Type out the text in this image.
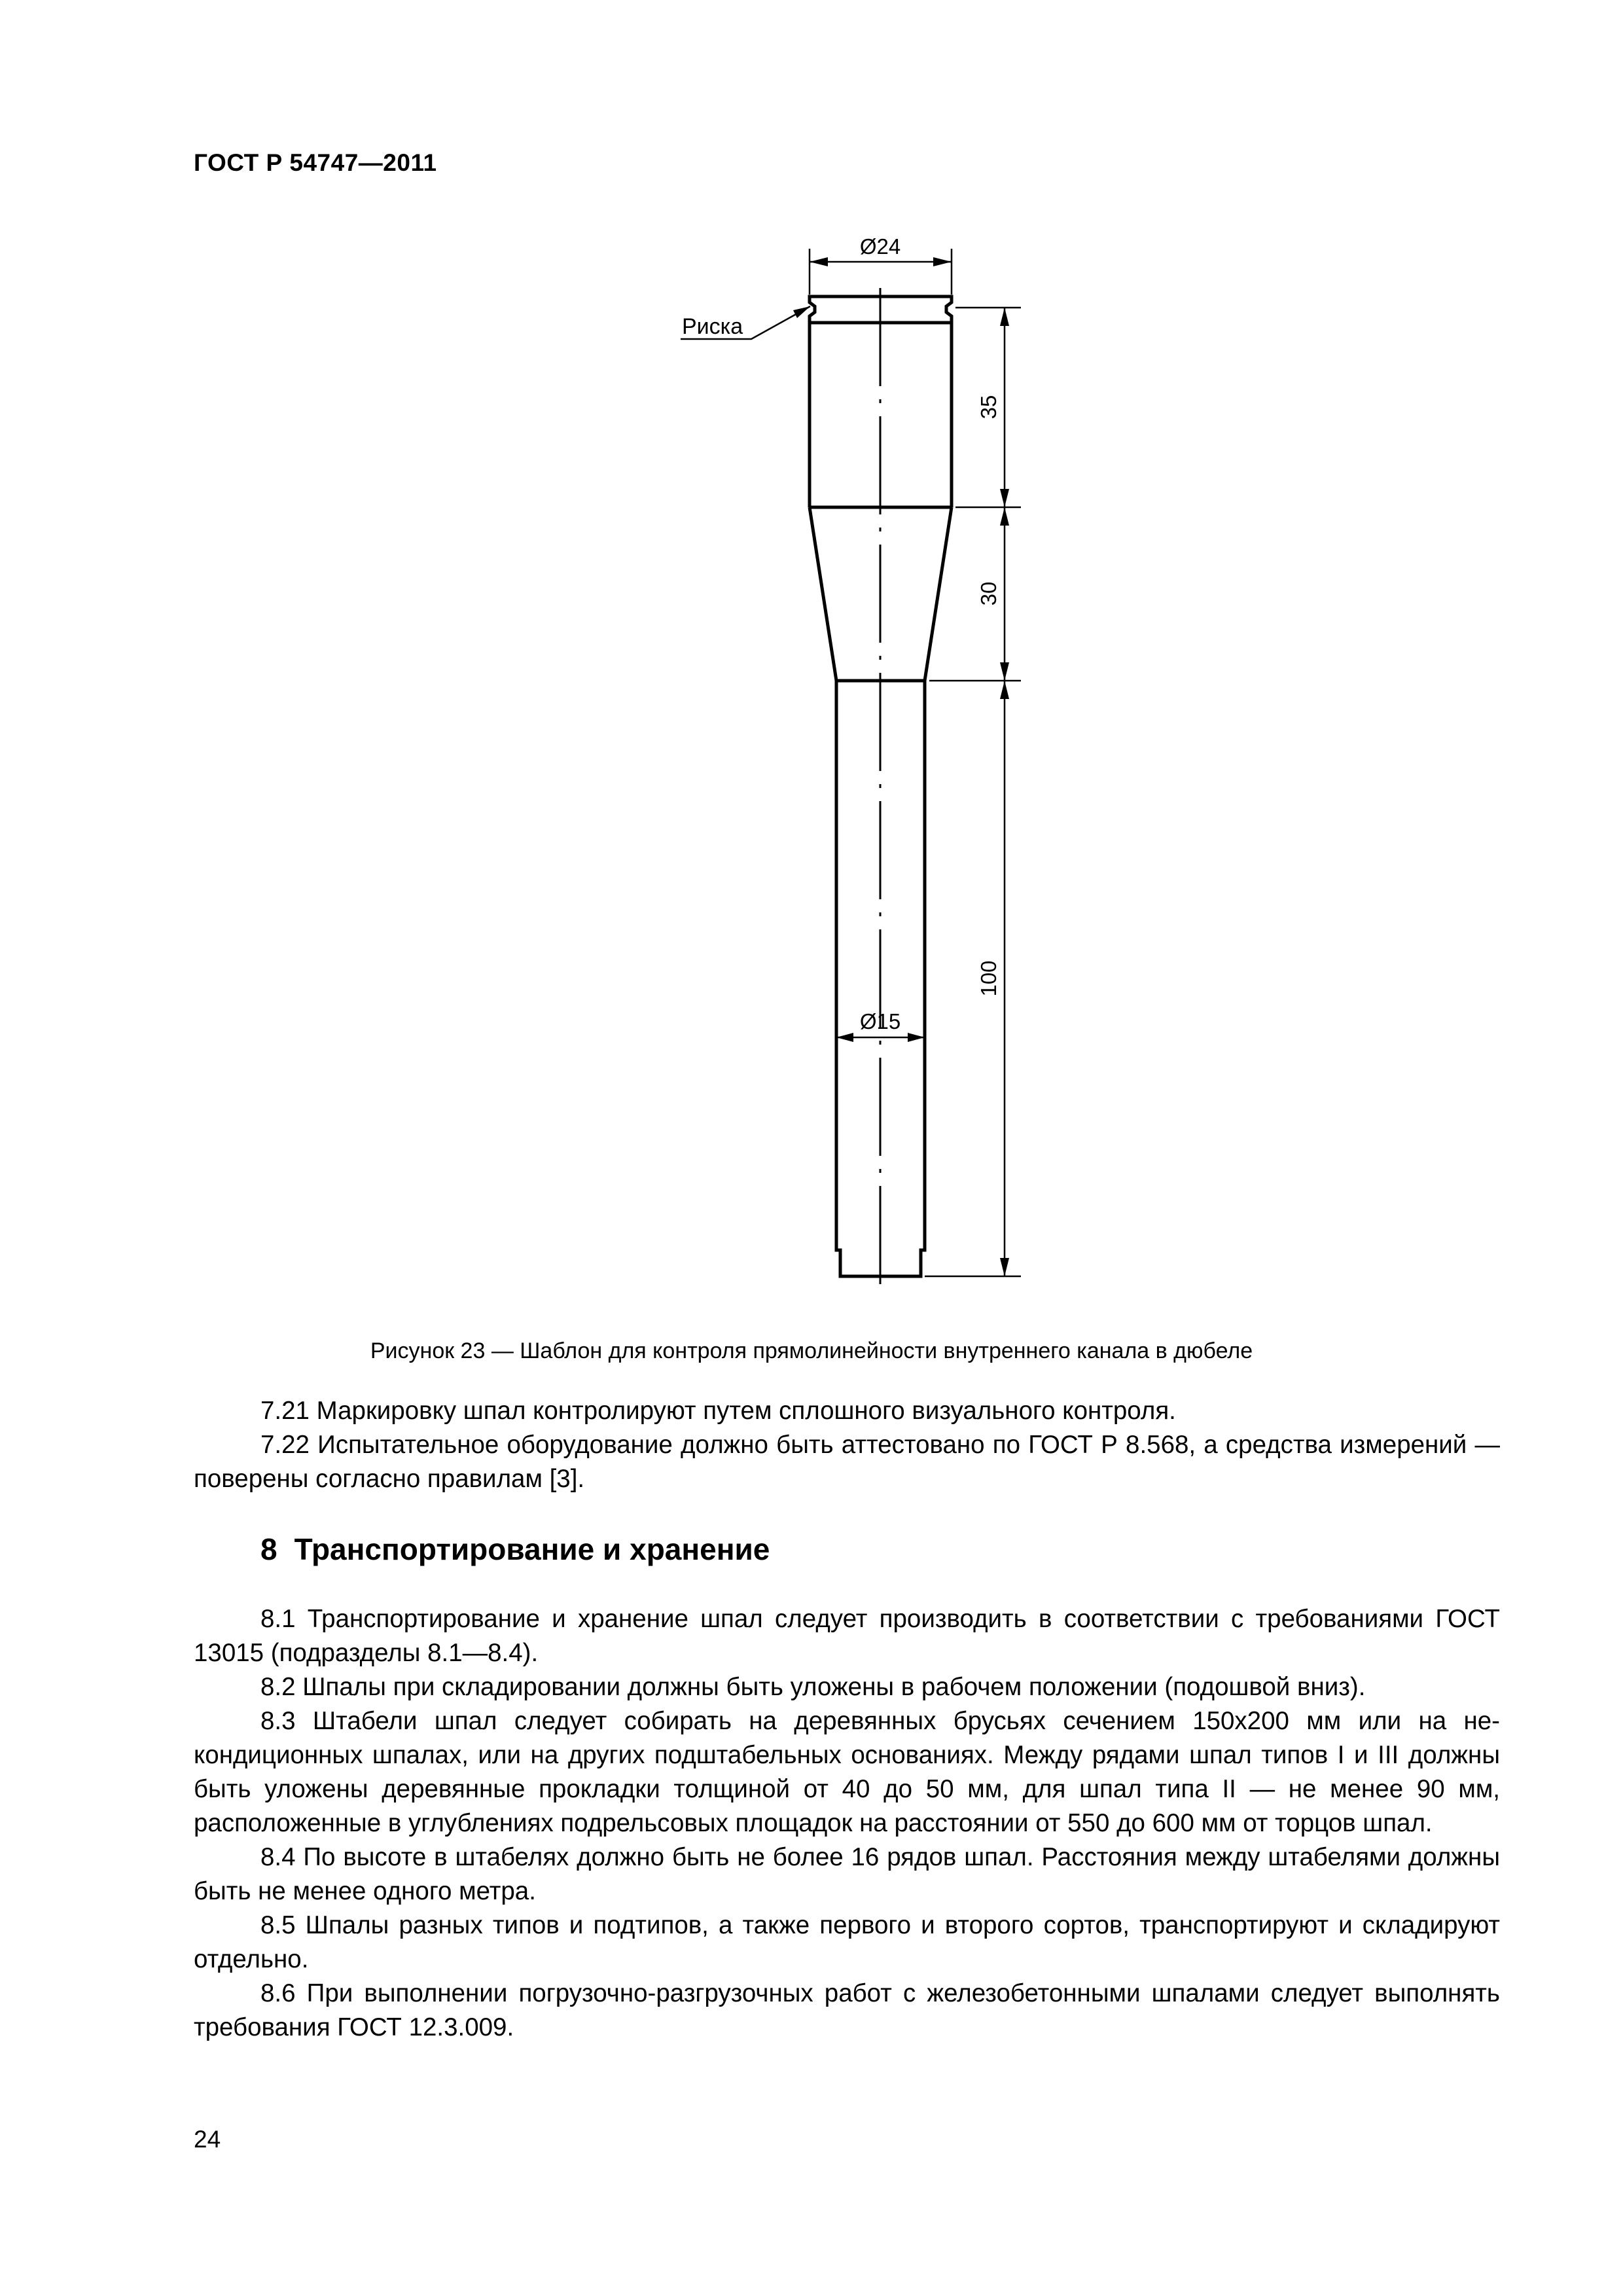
ГОСТ Р 54747—2011
Ø24
Ø15
Риска
35
30
100
Рисунок 23 — Шаблон для контроля прямолинейности внутреннего канала в дюбеле

7.21 Маркировку шпал контролируют путем сплошного визуального контроля.

7.22 Испытательное оборудование должно быть аттестовано по ГОСТ Р 8.568, а средства измерений — поверены согласно правилам [3].

8 Транспортирование и хранение

8.1 Транспортирование и хранение шпал следует производить в соответствии с требованиями ГОСТ 13015 (подразделы 8.1—8.4).

8.2 Шпалы при складировании должны быть уложены в рабочем положении (подошвой вниз).

8.3 Штабели шпал следует собирать на деревянных брусьях сечением 150х200 мм или на некондиционных шпалах, или на других подштабельных основаниях. Между рядами шпал типов I и III должны быть уложены деревянные прокладки толщиной от 40 до 50 мм, для шпал типа II — не менее 90 мм, расположенные в углублениях подрельсовых площадок на расстоянии от 550 до 600 мм от торцов шпал.

8.4 По высоте в штабелях должно быть не более 16 рядов шпал. Расстояния между штабелями должны быть не менее одного метра.

8.5 Шпалы разных типов и подтипов, а также первого и второго сортов, транспортируют и складируют отдельно.

8.6 При выполнении погрузочно-разгрузочных работ с железобетонными шпалами следует выполнять требования ГОСТ 12.3.009.

24
